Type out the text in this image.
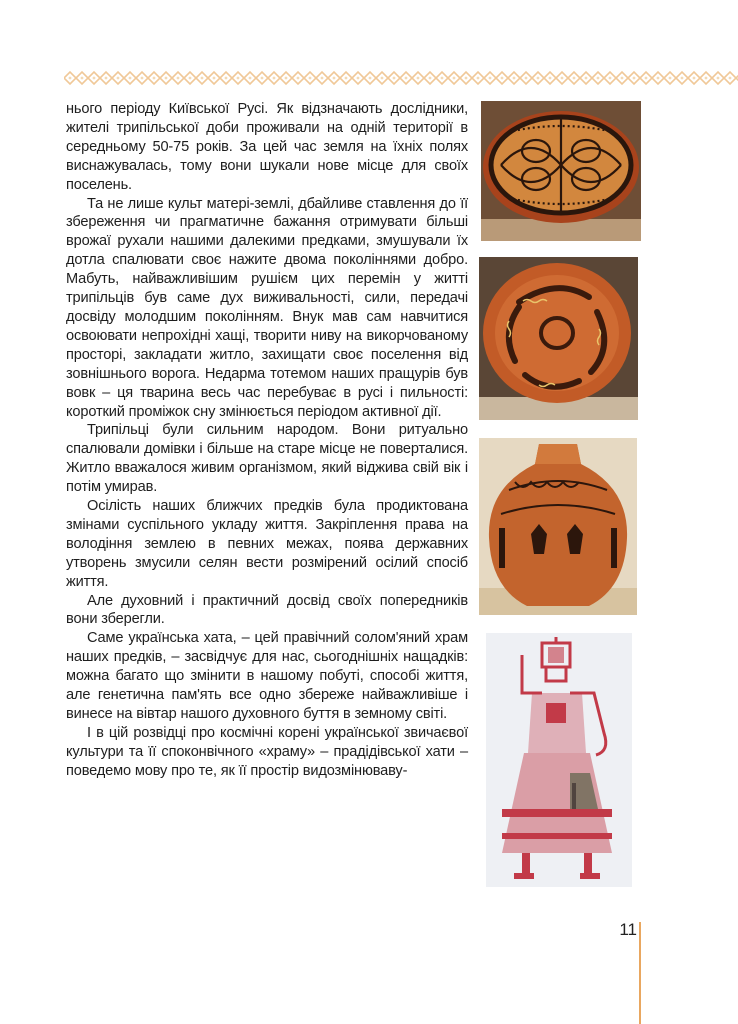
нього періоду Київської Русі. Як відзначають дослідники, жителі трипільської доби проживали на одній території в середньому 50-75 років. За цей час земля на їхніх полях виснажувалась, тому вони шукали нове місце для своїх поселень.

Та не лише культ матері-землі, дбайливе ставлення до її збереження чи прагматичне бажання отримувати більші врожаї рухали нашими далекими предками, змушували їх дотла спалювати своє нажите двома поколіннями добро. Мабуть, найважливішим рушієм цих перемін у житті трипільців був саме дух виживальності, сили, передачі досвіду молодшим поколінням. Внук мав сам навчитися освоювати непрохідні хащі, творити ниву на викорчованому просторі, закладати житло, захищати своє поселення від зовнішнього ворога. Недарма тотемом наших пращурів був вовк – ця тварина весь час перебуває в русі і пильності: короткий проміжок сну змінюється періодом активної дії.

Трипільці були сильним народом. Вони ритуально спалювали домівки і більше на старе місце не поверталися. Житло вважалося живим організмом, який віджива свій вік і потім умирав.

Осілість наших ближчих предків була продиктована змінами суспільного укладу життя. Закріплення права на володіння землею в певних межах, поява державних утворень змусили селян вести розмірений осілий спосіб життя.

Але духовний і практичний досвід своїх попередників вони зберегли.

Саме українська хата, – цей правічний солом'яний храм наших предків, – засвідчує для нас, сьогоднішніх нащадків: можна багато що змінити в нашому побуті, способі життя, але генетична пам'ять все одно збереже найважливіше і винесе на вівтар нашого духовного буття в земному світі.

І в цій розвідці про космічні корені української звичаєвої культури та її споконвічного «храму» – прадідівської хати – поведемо мову про те, як її простір видозмінюваву-

11
